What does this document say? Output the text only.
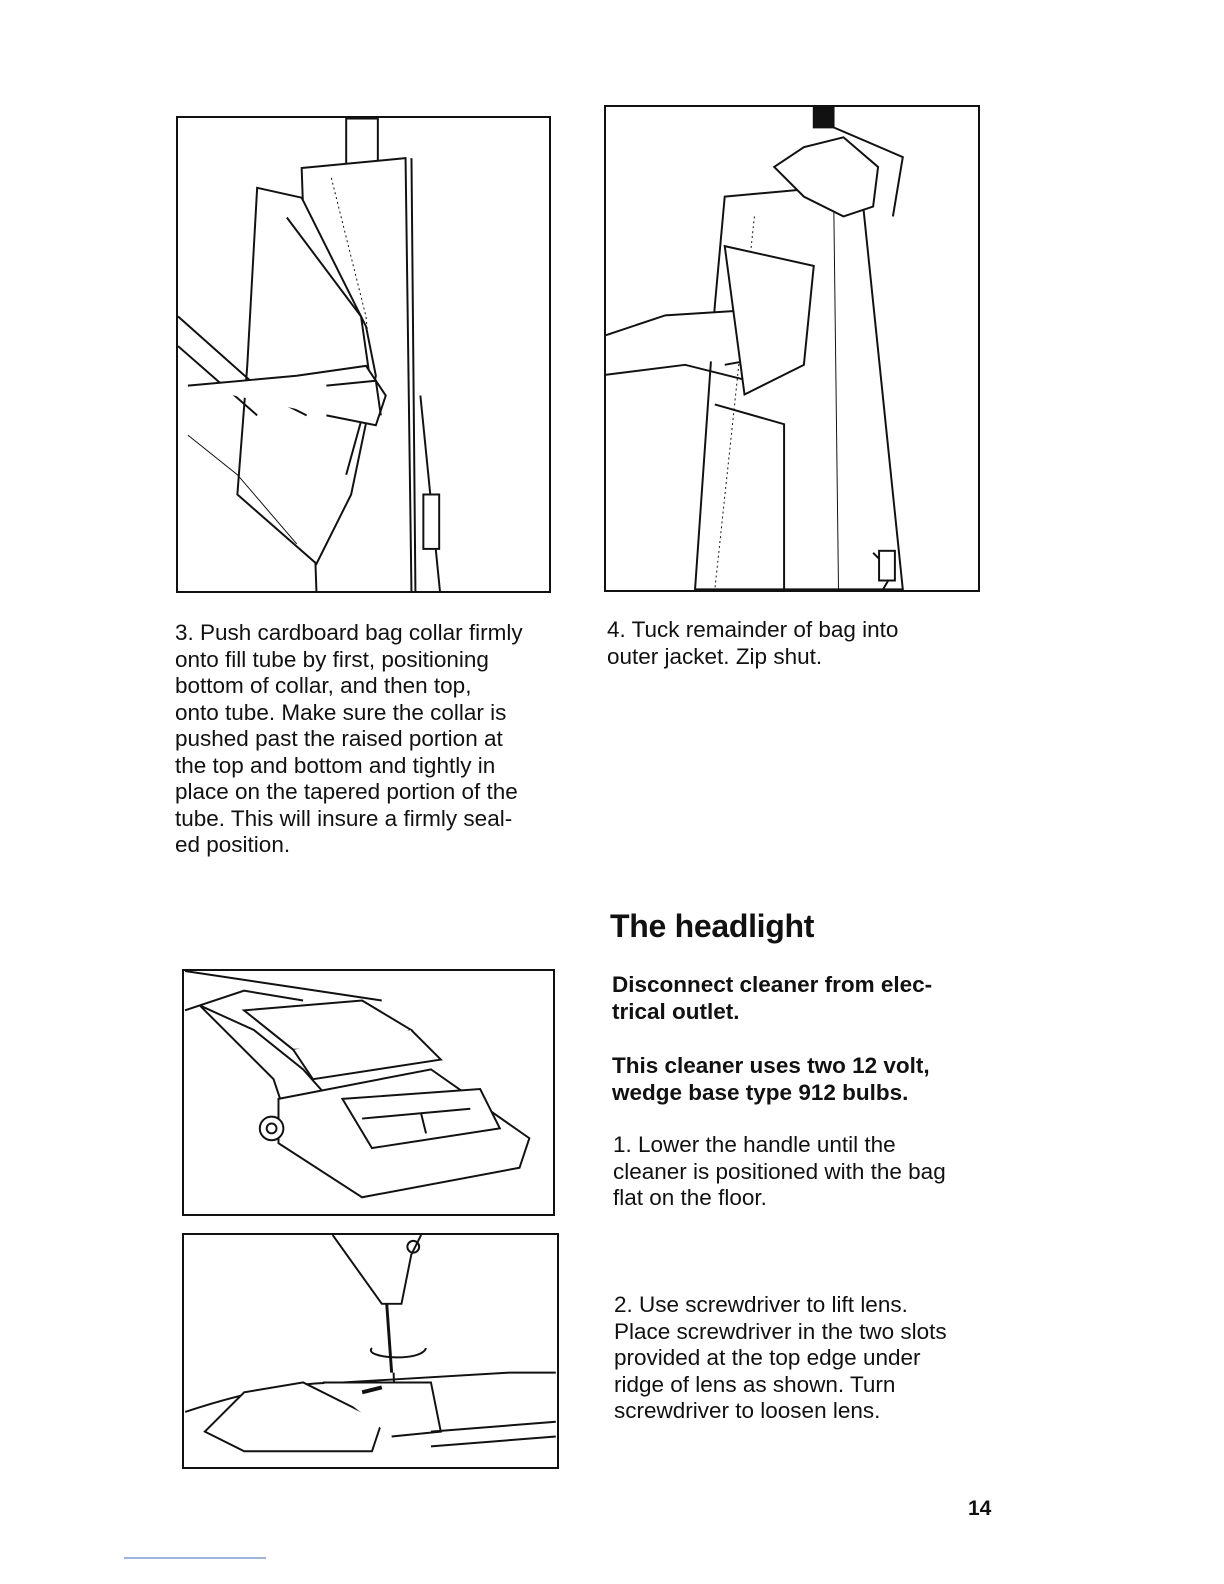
3. Push cardboard bag collar firmly
onto fill tube by first, positioning
bottom of collar, and then top,
onto tube. Make sure the collar is
pushed past the raised portion at
the top and bottom and tightly in
place on the tapered portion of the
tube. This will insure a firmly seal-
ed position.

4. Tuck remainder of bag into
outer jacket. Zip shut.

The headlight

Disconnect cleaner from elec-
trical outlet.

This cleaner uses two 12 volt,
wedge base type 912 bulbs.

1. Lower the handle until the
cleaner is positioned with the bag
flat on the floor.

2. Use screwdriver to lift lens.
Place screwdriver in the two slots
provided at the top edge under
ridge of lens as shown. Turn
screwdriver to loosen lens.

14
